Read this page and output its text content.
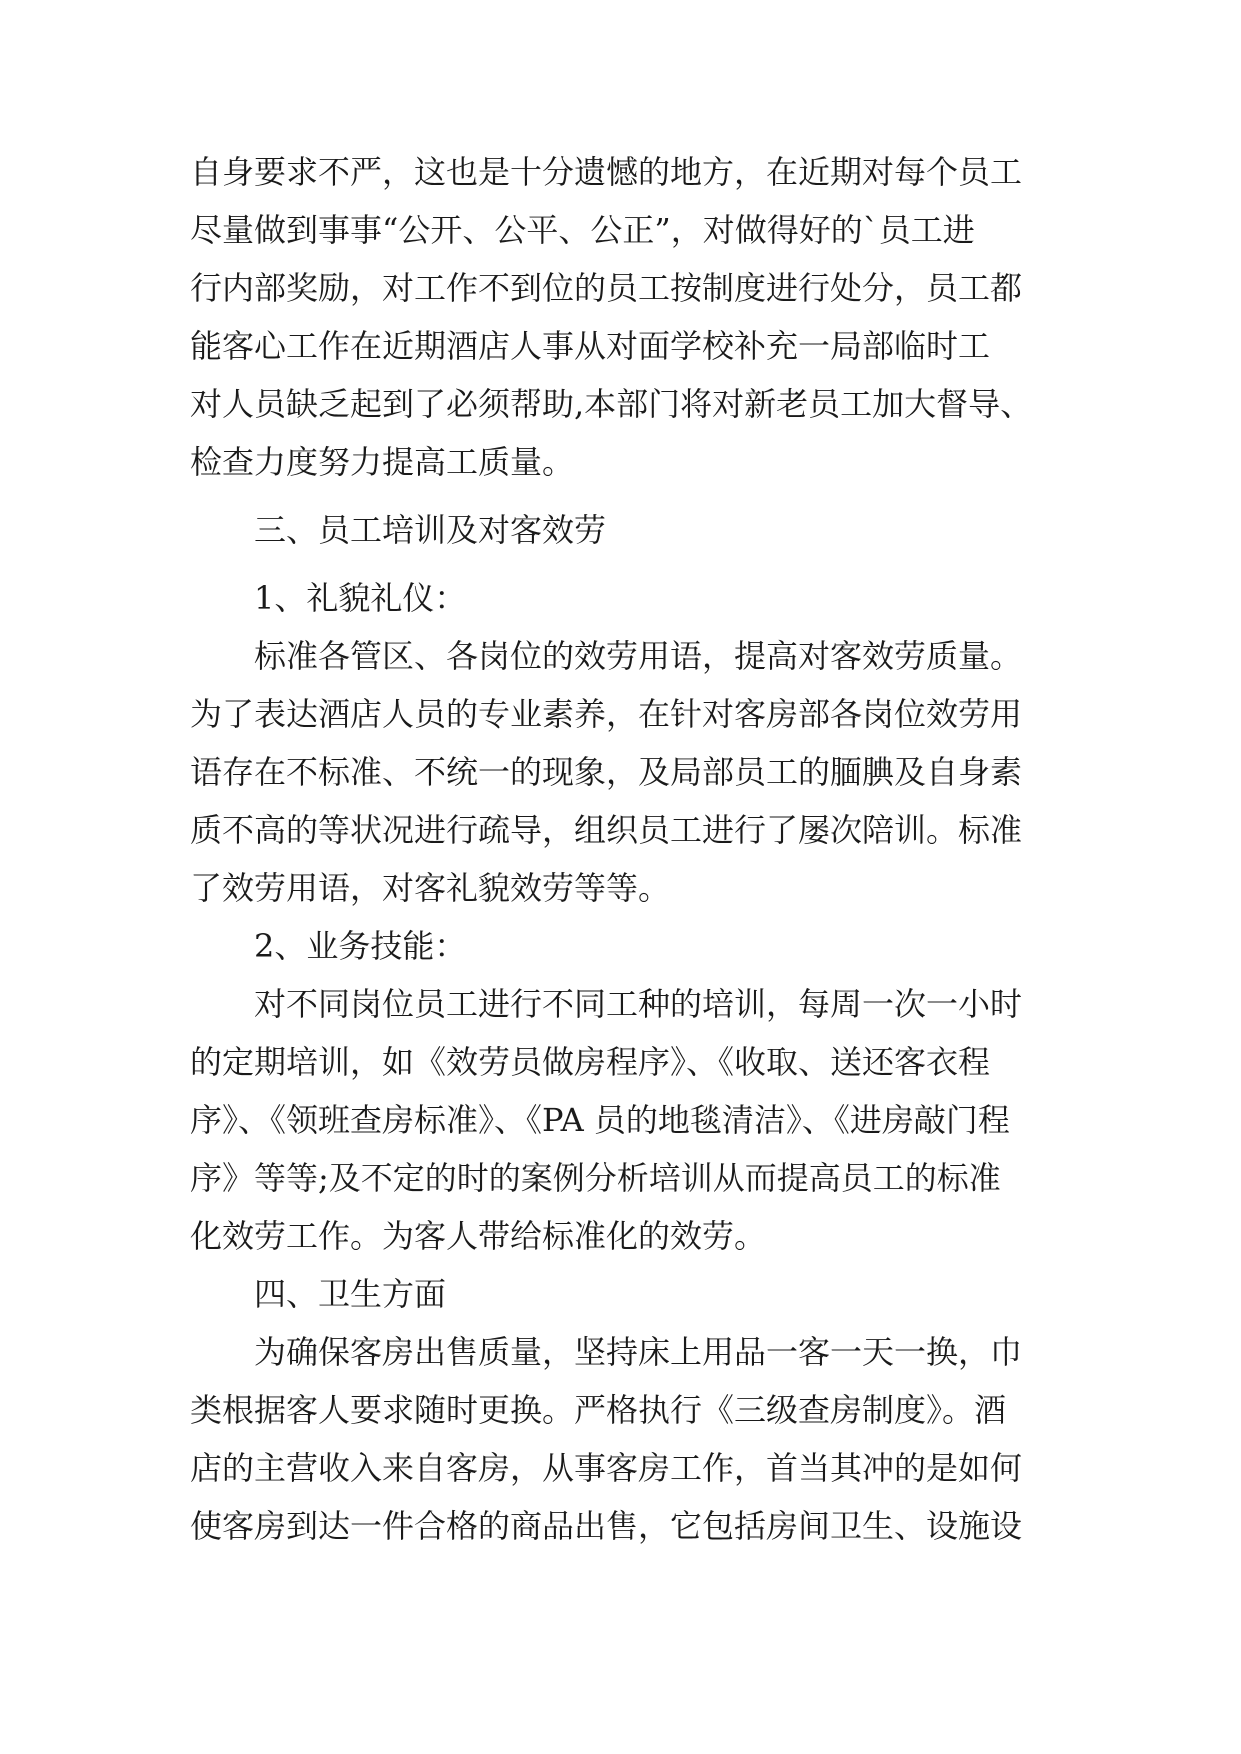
自身要求不严，这也是十分遗憾的地方，在近期对每个员工
尽量做到事事“公开、公平、公正”，对做得好的`员工进
行内部奖励，对工作不到位的员工按制度进行处分，员工都
能客心工作在近期酒店人事从对面学校补充一局部临时工
对人员缺乏起到了必须帮助,本部门将对新老员工加大督导、
检查力度努力提高工质量。
三、员工培训及对客效劳
1、礼貌礼仪：
标准各管区、各岗位的效劳用语，提高对客效劳质量。
为了表达酒店人员的专业素养，在针对客房部各岗位效劳用
语存在不标准、不统一的现象，及局部员工的腼腆及自身素
质不高的等状况进行疏导，组织员工进行了屡次陪训。标准
了效劳用语，对客礼貌效劳等等。
2、业务技能：
对不同岗位员工进行不同工种的培训，每周一次一小时
的定期培训，如《效劳员做房程序》、《收取、送还客衣程
序》、《领班查房标准》、《PA 员的地毯清洁》、《进房敲门程
序》等等;及不定的时的案例分析培训从而提高员工的标准
化效劳工作。为客人带给标准化的效劳。
四、卫生方面
为确保客房出售质量，坚持床上用品一客一天一换，巾
类根据客人要求随时更换。严格执行《三级查房制度》。酒
店的主营收入来自客房，从事客房工作，首当其冲的是如何
使客房到达一件合格的商品出售，它包括房间卫生、设施设
